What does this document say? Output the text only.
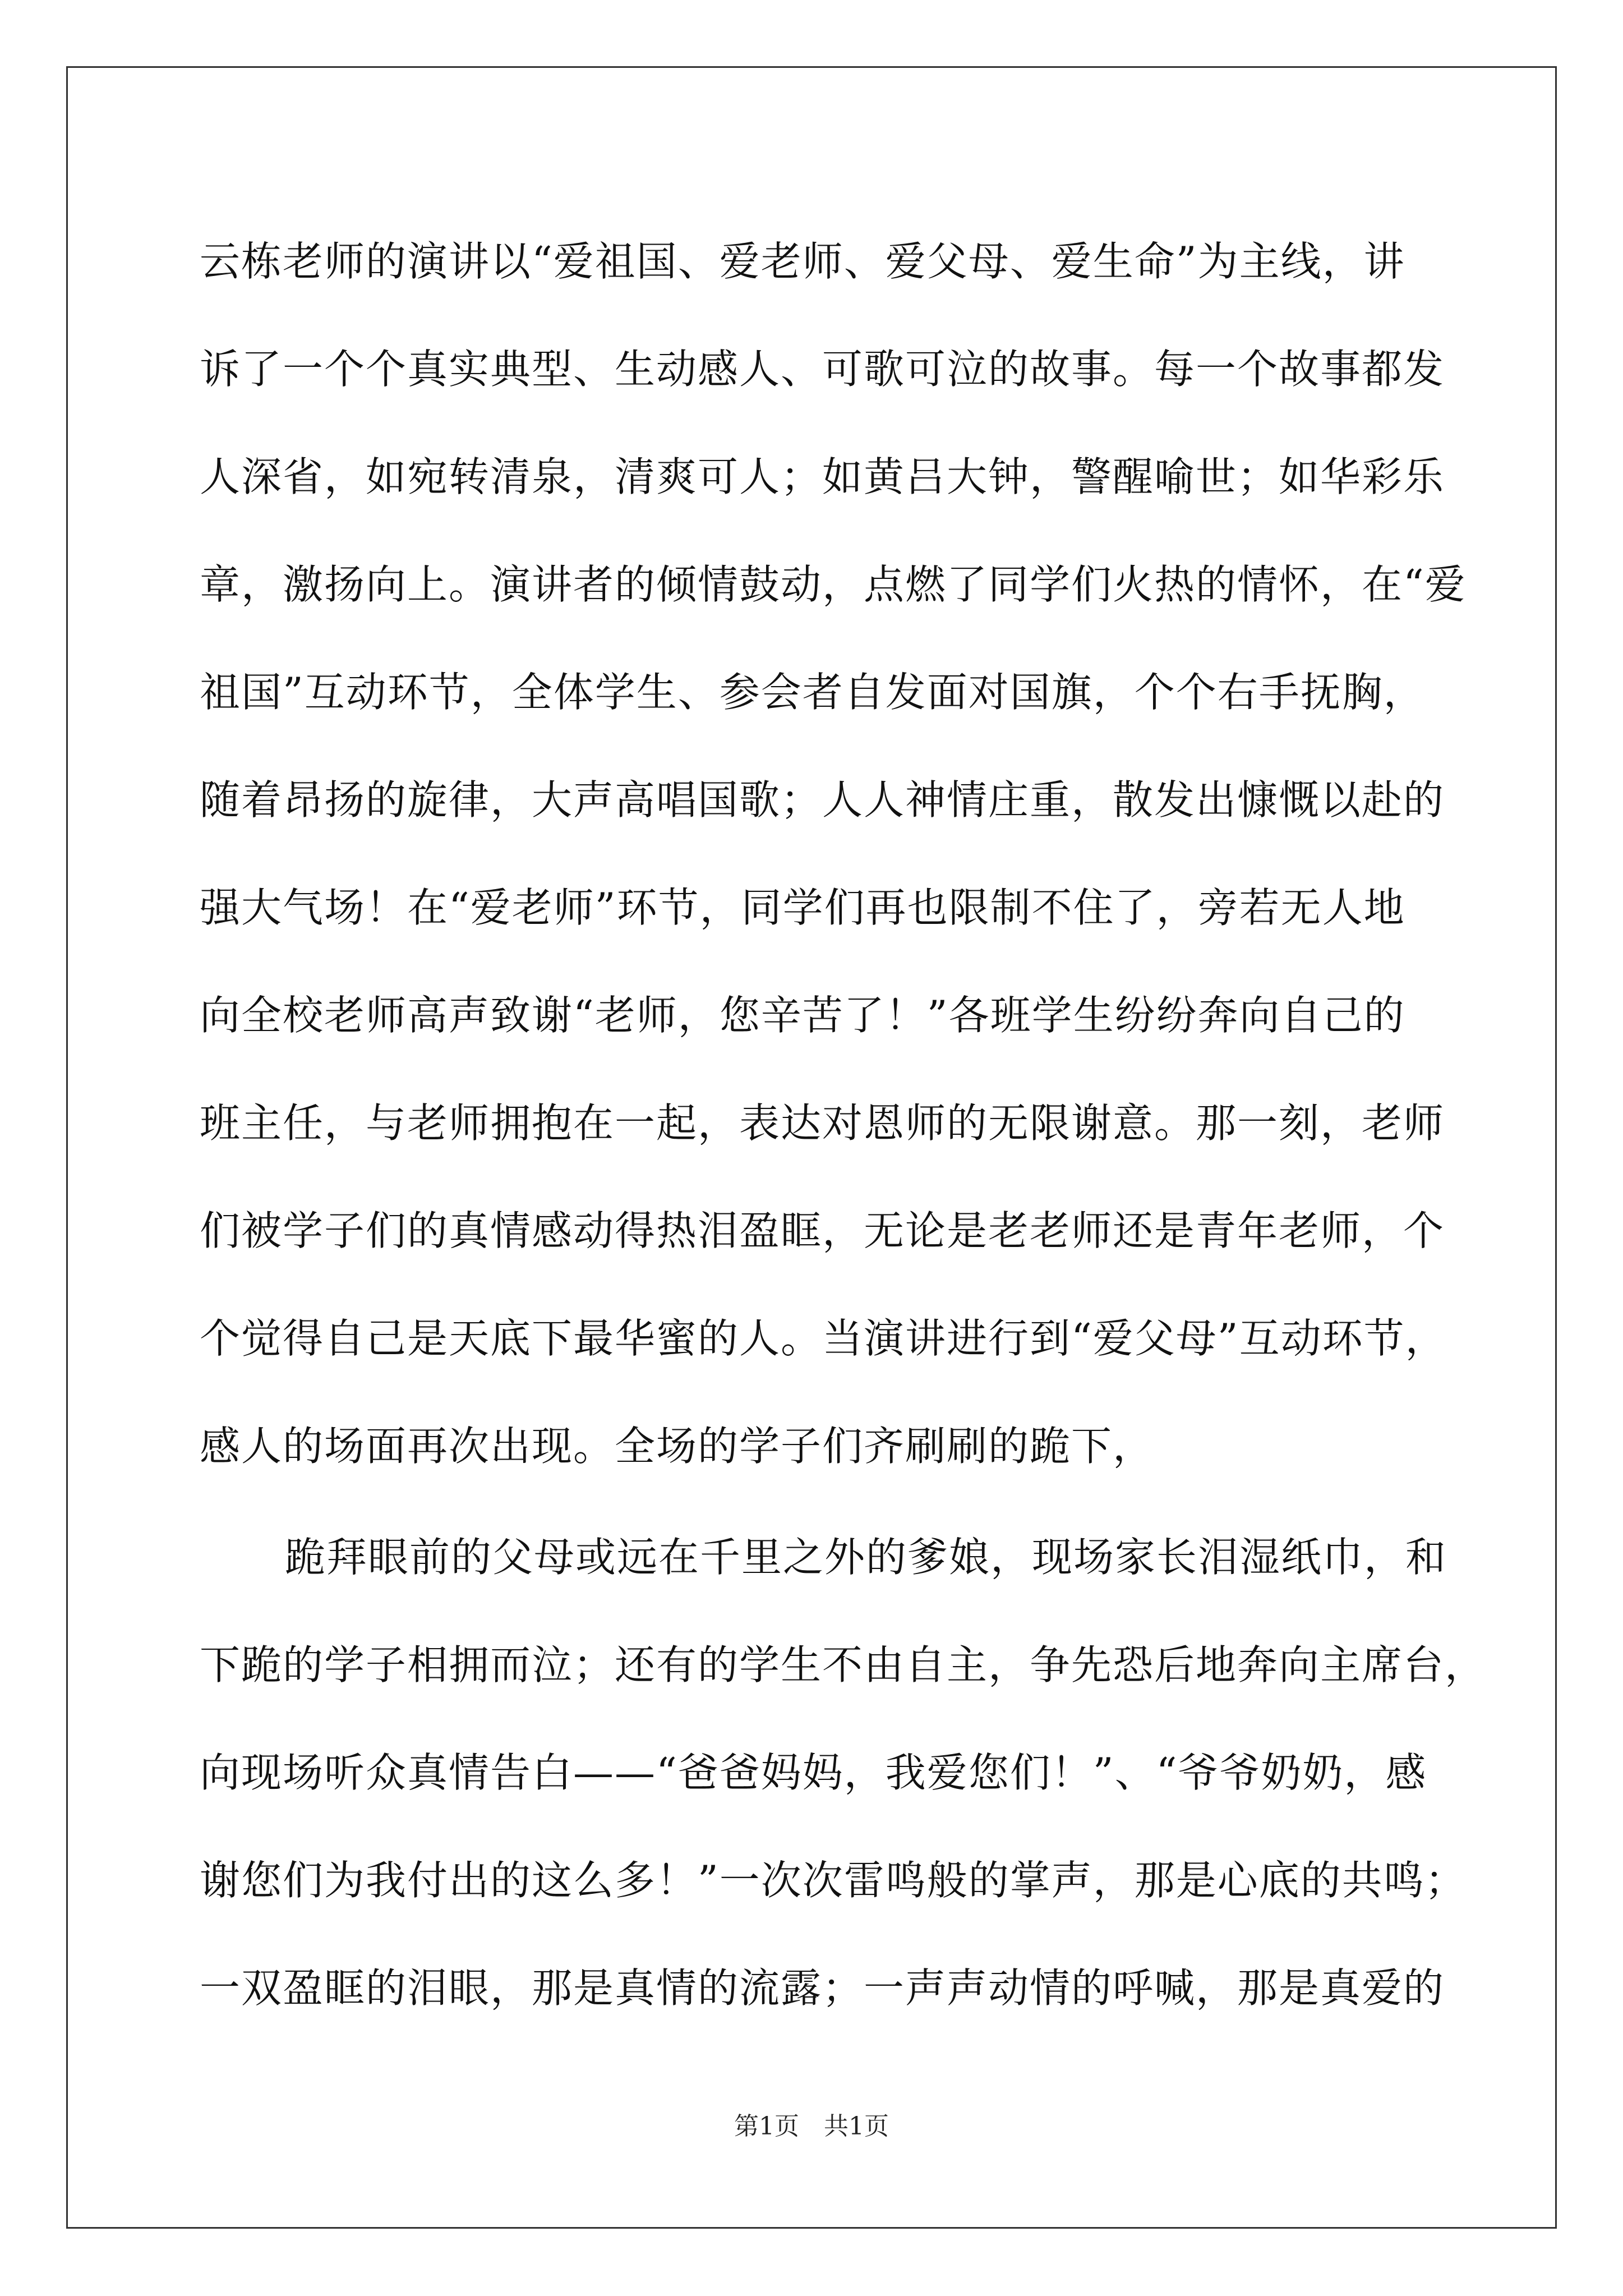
云栋老师的演讲以“爱祖国、爱老师、爱父母、爱生命”为主线，讲
诉了一个个真实典型、生动感人、可歌可泣的故事。每一个故事都发
人深省，如宛转清泉，清爽可人；如黄吕大钟，警醒喻世；如华彩乐
章，激扬向上。演讲者的倾情鼓动，点燃了同学们火热的情怀，在“爱
祖国”互动环节，全体学生、参会者自发面对国旗，个个右手抚胸，
随着昂扬的旋律，大声高唱国歌；人人神情庄重，散发出慷慨以赴的
强大气场！在“爱老师”环节，同学们再也限制不住了，旁若无人地
向全校老师高声致谢“老师，您辛苦了！”各班学生纷纷奔向自己的
班主任，与老师拥抱在一起，表达对恩师的无限谢意。那一刻，老师
们被学子们的真情感动得热泪盈眶，无论是老老师还是青年老师，个
个觉得自己是天底下最华蜜的人。当演讲进行到“爱父母”互动环节，
感人的场面再次出现。全场的学子们齐刷刷的跪下，
跪拜眼前的父母或远在千里之外的爹娘，现场家长泪湿纸巾，和
下跪的学子相拥而泣；还有的学生不由自主，争先恐后地奔向主席台，
向现场听众真情告白——“爸爸妈妈，我爱您们！”、“爷爷奶奶，感
谢您们为我付出的这么多！”一次次雷鸣般的掌声，那是心底的共鸣；
一双盈眶的泪眼，那是真情的流露；一声声动情的呼喊，那是真爱的
第1页　共1页
